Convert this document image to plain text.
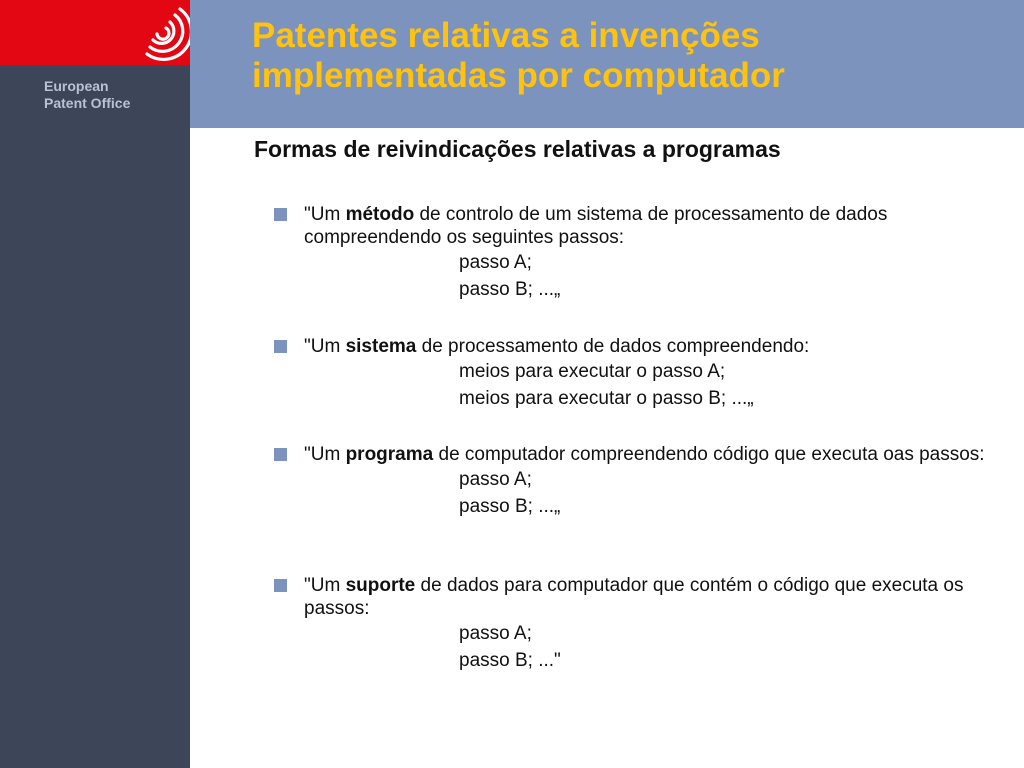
European
Patent Office
Patentes relativas a invenções
implementadas por computador
Formas de reivindicações relativas a programas
"Um método de controlo de um sistema de processamento de dados compreendendo os seguintes passos:
passo A;
passo B; ...„
"Um sistema de processamento de dados compreendendo:
meios para executar o passo A;
meios para executar o passo B; ...„
"Um programa de computador compreendendo código que executa oas passos:
passo A;
passo B; ...„
"Um suporte de dados para computador que contém o código que executa os passos:
passo A;
passo B; ..."
